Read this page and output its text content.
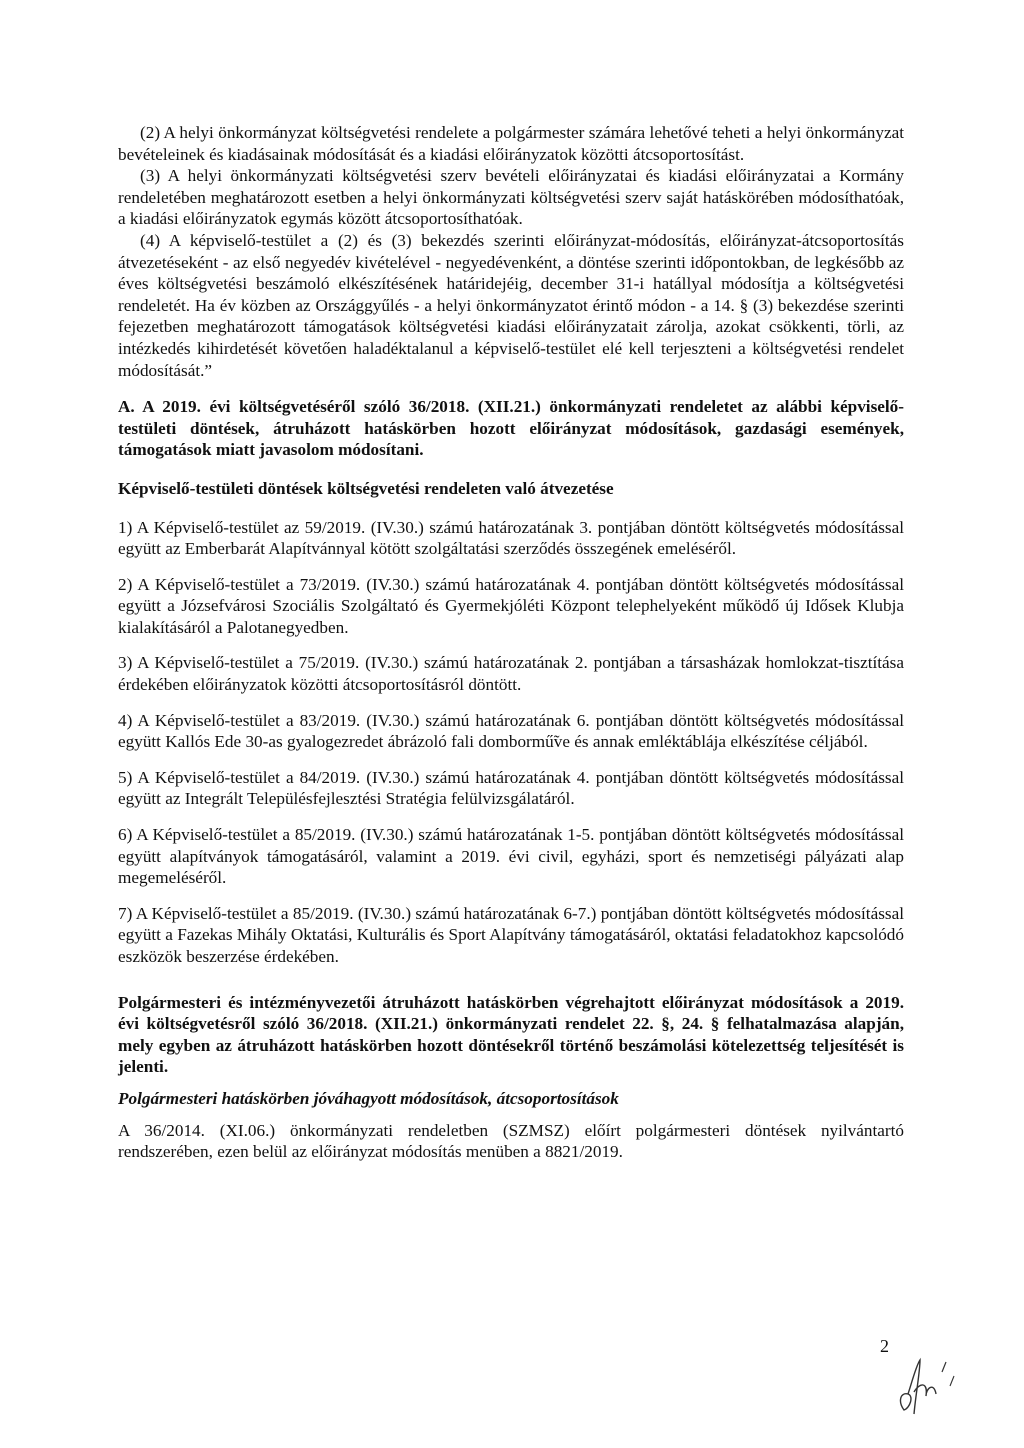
(2) A helyi önkormányzat költségvetési rendelete a polgármester számára lehetővé teheti a helyi önkormányzat bevételeinek és kiadásainak módosítását és a kiadási előirányzatok közötti átcsoportosítást.

(3) A helyi önkormányzati költségvetési szerv bevételi előirányzatai és kiadási előirányzatai a Kormány rendeletében meghatározott esetben a helyi önkormányzati költségvetési szerv saját hatáskörében módosíthatóak, a kiadási előirányzatok egymás között átcsoportosíthatóak.

(4) A képviselő-testület a (2) és (3) bekezdés szerinti előirányzat-módosítás, előirányzat-átcsoportosítás átvezetéseként - az első negyedév kivételével - negyedévenként, a döntése szerinti időpontokban, de legkésőbb az éves költségvetési beszámoló elkészítésének határidejéig, december 31-i hatállyal módosítja a költségvetési rendeletét. Ha év közben az Országgyűlés - a helyi önkormányzatot érintő módon - a 14. § (3) bekezdése szerinti fejezetben meghatározott támogatások költségvetési kiadási előirányzatait zárolja, azokat csökkenti, törli, az intézkedés kihirdetését követően haladéktalanul a képviselő-testület elé kell terjeszteni a költségvetési rendelet módosítását.”

A. A 2019. évi költségvetéséről szóló 36/2018. (XII.21.) önkormányzati rendeletet az alábbi képviselő-testületi döntések, átruházott hatáskörben hozott előirányzat módosítások, gazdasági események, támogatások miatt javasolom módosítani.

Képviselő-testületi döntések költségvetési rendeleten való átvezetése

1) A Képviselő-testület az 59/2019. (IV.30.) számú határozatának 3. pontjában döntött költségvetés módosítással együtt az Emberbarát Alapítvánnyal kötött szolgáltatási szerződés összegének emeléséről.

2) A Képviselő-testület a 73/2019. (IV.30.) számú határozatának 4. pontjában döntött költségvetés módosítással együtt a Józsefvárosi Szociális Szolgáltató és Gyermekjóléti Központ telephelyeként működő új Idősek Klubja kialakításáról a Palotanegyedben.

3) A Képviselő-testület a 75/2019. (IV.30.) számú határozatának 2. pontjában a társasházak homlokzat-tisztítása érdekében előirányzatok közötti átcsoportosításról döntött.

4) A Képviselő-testület a 83/2019. (IV.30.) számú határozatának 6. pontjában döntött költségvetés módosítással együtt Kallós Ede 30-as gyalogezredet ábrázoló fali dombormű̃ve és annak emléktáblája elkészítése céljából.

5) A Képviselő-testület a 84/2019. (IV.30.) számú határozatának 4. pontjában döntött költségvetés módosítással együtt az Integrált Településfejlesztési Stratégia felülvizsgálatáról.

6) A Képviselő-testület a 85/2019. (IV.30.) számú határozatának 1-5. pontjában döntött költségvetés módosítással együtt alapítványok támogatásáról, valamint a 2019. évi civil, egyházi, sport és nemzetiségi pályázati alap megemeléséről.

7) A Képviselő-testület a 85/2019. (IV.30.) számú határozatának 6-7.) pontjában döntött költségvetés módosítással együtt a Fazekas Mihály Oktatási, Kulturális és Sport Alapítvány támogatásáról, oktatási feladatokhoz kapcsolódó eszközök beszerzése érdekében.

Polgármesteri és intézményvezetői átruházott hatáskörben végrehajtott előirányzat módosítások a 2019. évi költségvetésről szóló 36/2018. (XII.21.) önkormányzati rendelet 22. §, 24. § felhatalmazása alapján, mely egyben az átruházott hatáskörben hozott döntésekről történő beszámolási kötelezettség teljesítését is jelenti.

Polgármesteri hatáskörben jóváhagyott módosítások, átcsoportosítások

A 36/2014. (XI.06.) önkormányzati rendeletben (SZMSZ) előírt polgármesteri döntések nyilvántartó rendszerében, ezen belül az előirányzat módosítás menüben a 8821/2019.

2
